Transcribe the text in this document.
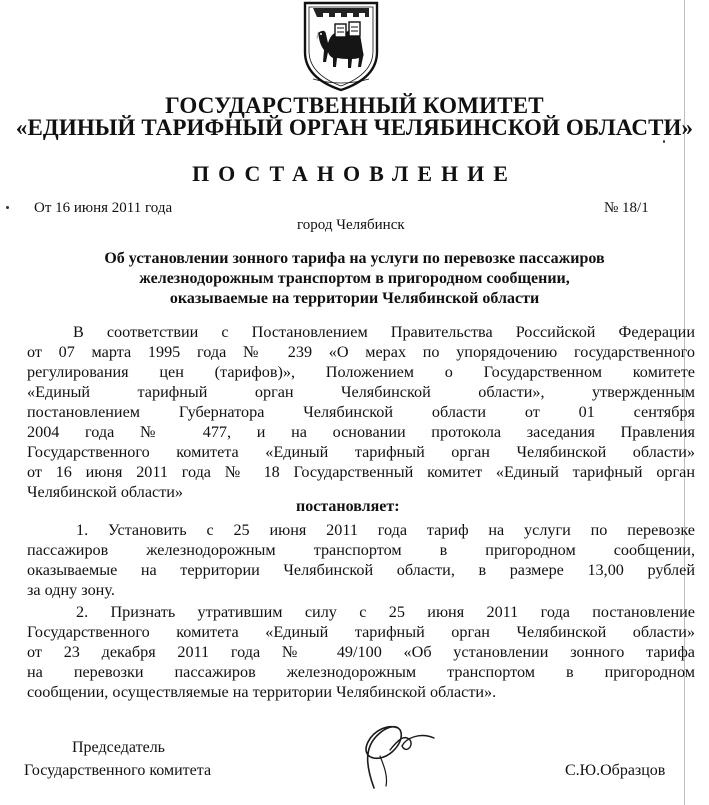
ГОСУДАРСТВЕННЫЙ КОМИТЕТ
«ЕДИНЫЙ ТАРИФНЫЙ ОРГАН ЧЕЛЯБИНСКОЙ ОБЛАСТИ»
ПОСТАНОВЛЕНИЕ
От 16 июня 2011 года	№ 18/1
город Челябинск
Об установлении зонного тарифа на услуги по перевозке пассажиров
железнодорожным транспортом в пригородном сообщении,
оказываемые на территории Челябинской области
В соответствии с Постановлением Правительства Российской Федерации
от 07 марта 1995 года № 239 «О мерах по упорядочению государственного
регулирования цен (тарифов)», Положением о Государственном комитете
«Единый тарифный орган Челябинской области», утвержденным
постановлением Губернатора Челябинской области от 01 сентября
2004 года № 477, и на основании протокола заседания Правления
Государственного комитета «Единый тарифный орган Челябинской области»
от 16 июня 2011 года № 18 Государственный комитет «Единый тарифный орган
Челябинской области»
постановляет:
1. Установить с 25 июня 2011 года тариф на услуги по перевозке
пассажиров железнодорожным транспортом в пригородном сообщении,
оказываемые на территории Челябинской области, в размере 13,00 рублей
за одну зону.
2. Признать утратившим силу с 25 июня 2011 года постановление
Государственного комитета «Единый тарифный орган Челябинской области»
от 23 декабря 2011 года № 49/100 «Об установлении зонного тарифа
на перевозки пассажиров железнодорожным транспортом в пригородном
сообщении, осуществляемые на территории Челябинской области».
Председатель
Государственного комитета	С.Ю.Образцов
